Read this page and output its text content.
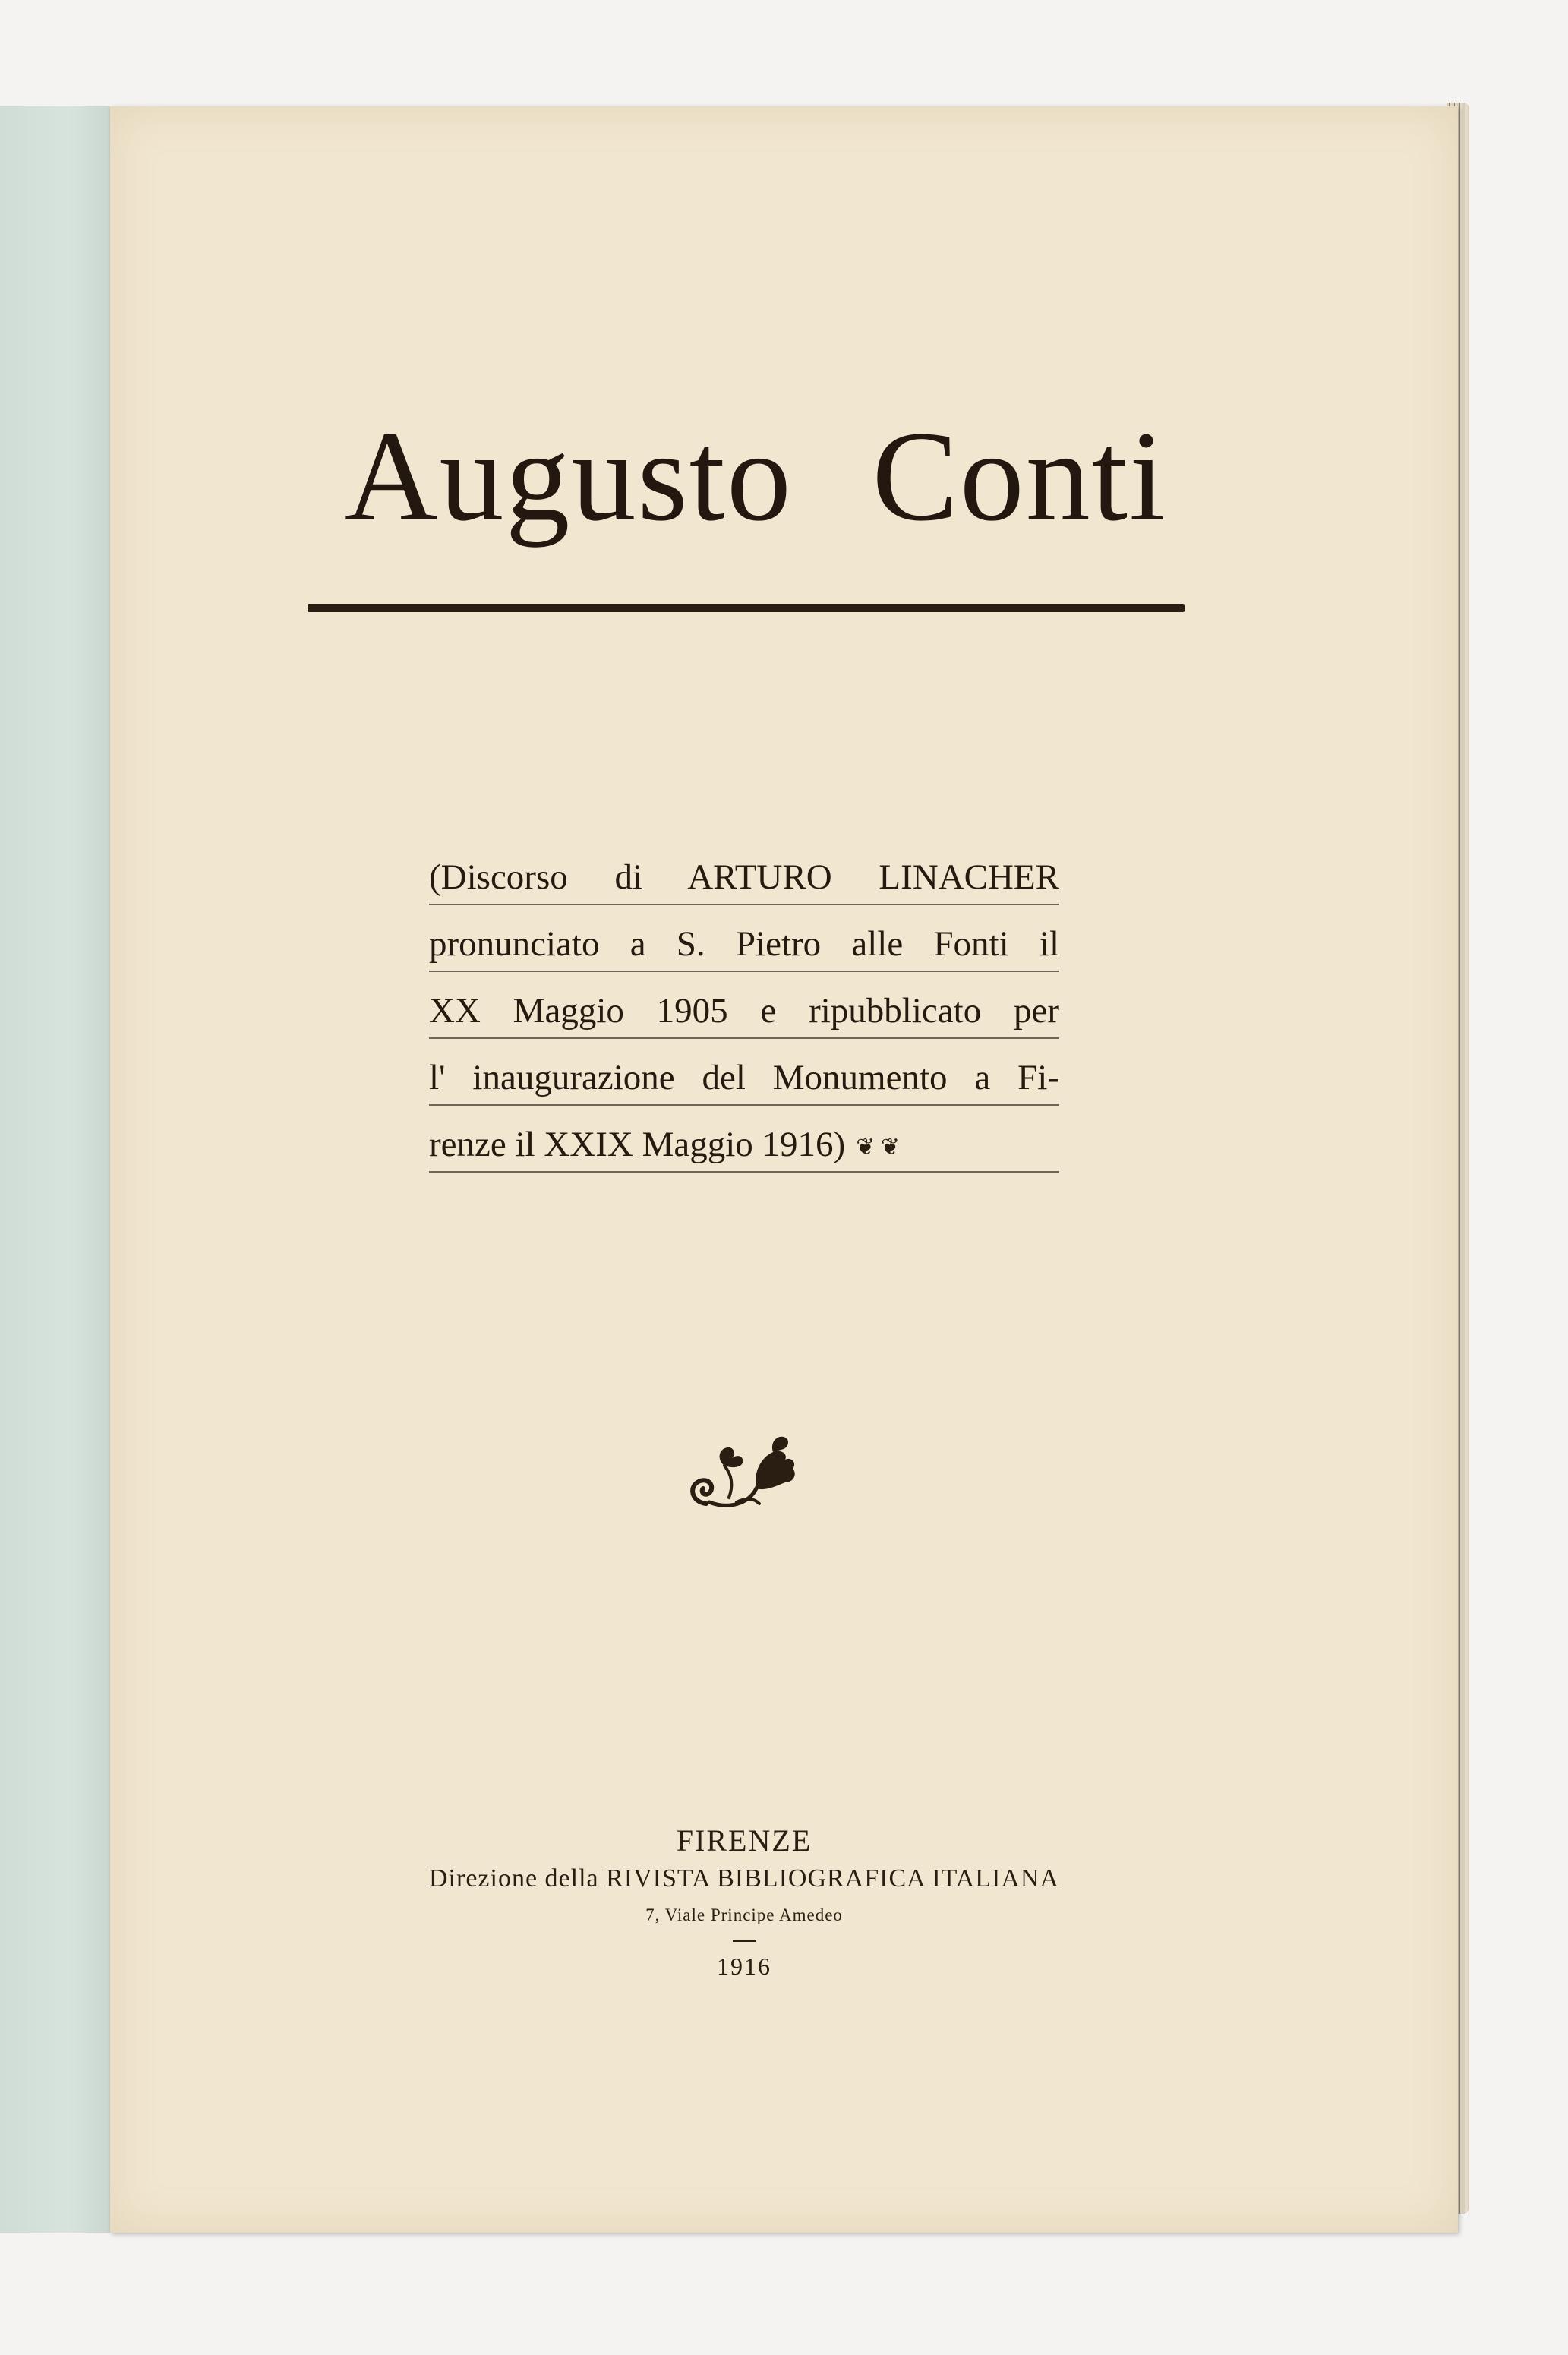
Augusto Conti
(Discorso di ARTURO LINACHER
pronunciato a S. Pietro alle Fonti il
XX Maggio 1905 e ripubblicato per
l' inaugurazione del Monumento a Fi-
renze il XXIX Maggio 1916) ❦ ❦
FIRENZE
Direzione della RIVISTA BIBLIOGRAFICA ITALIANA
7, Viale Principe Amedeo
1916
